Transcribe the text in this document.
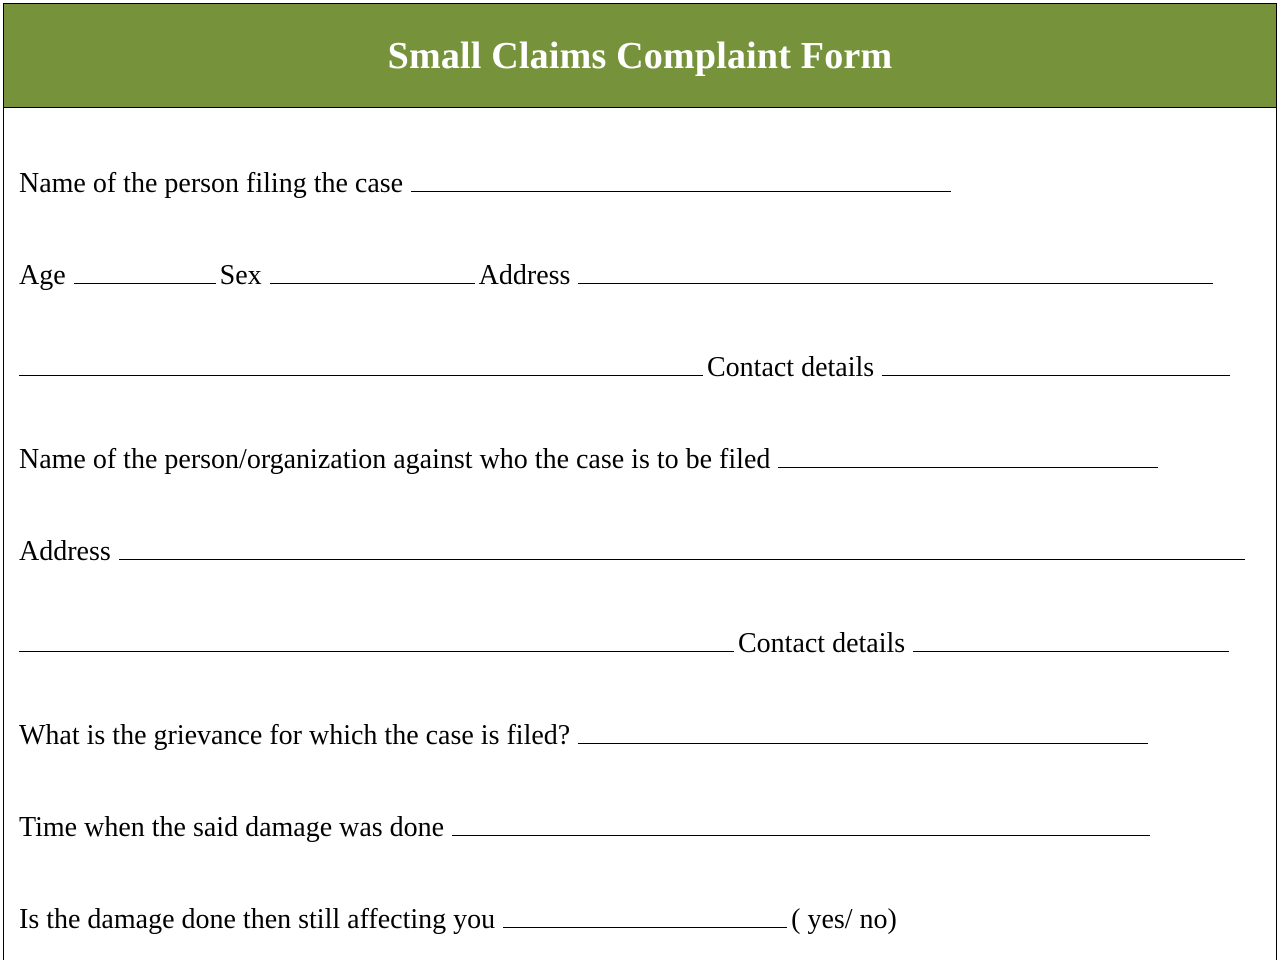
Small Claims Complaint Form
Name of the person filing the case
Age	Sex	Address
Contact details
Name of the person/organization against who the case is to be filed
Address
Contact details
What is the grievance for which the case is filed?
Time when the said damage was done
Is the damage done then still affecting you	( yes/ no)
